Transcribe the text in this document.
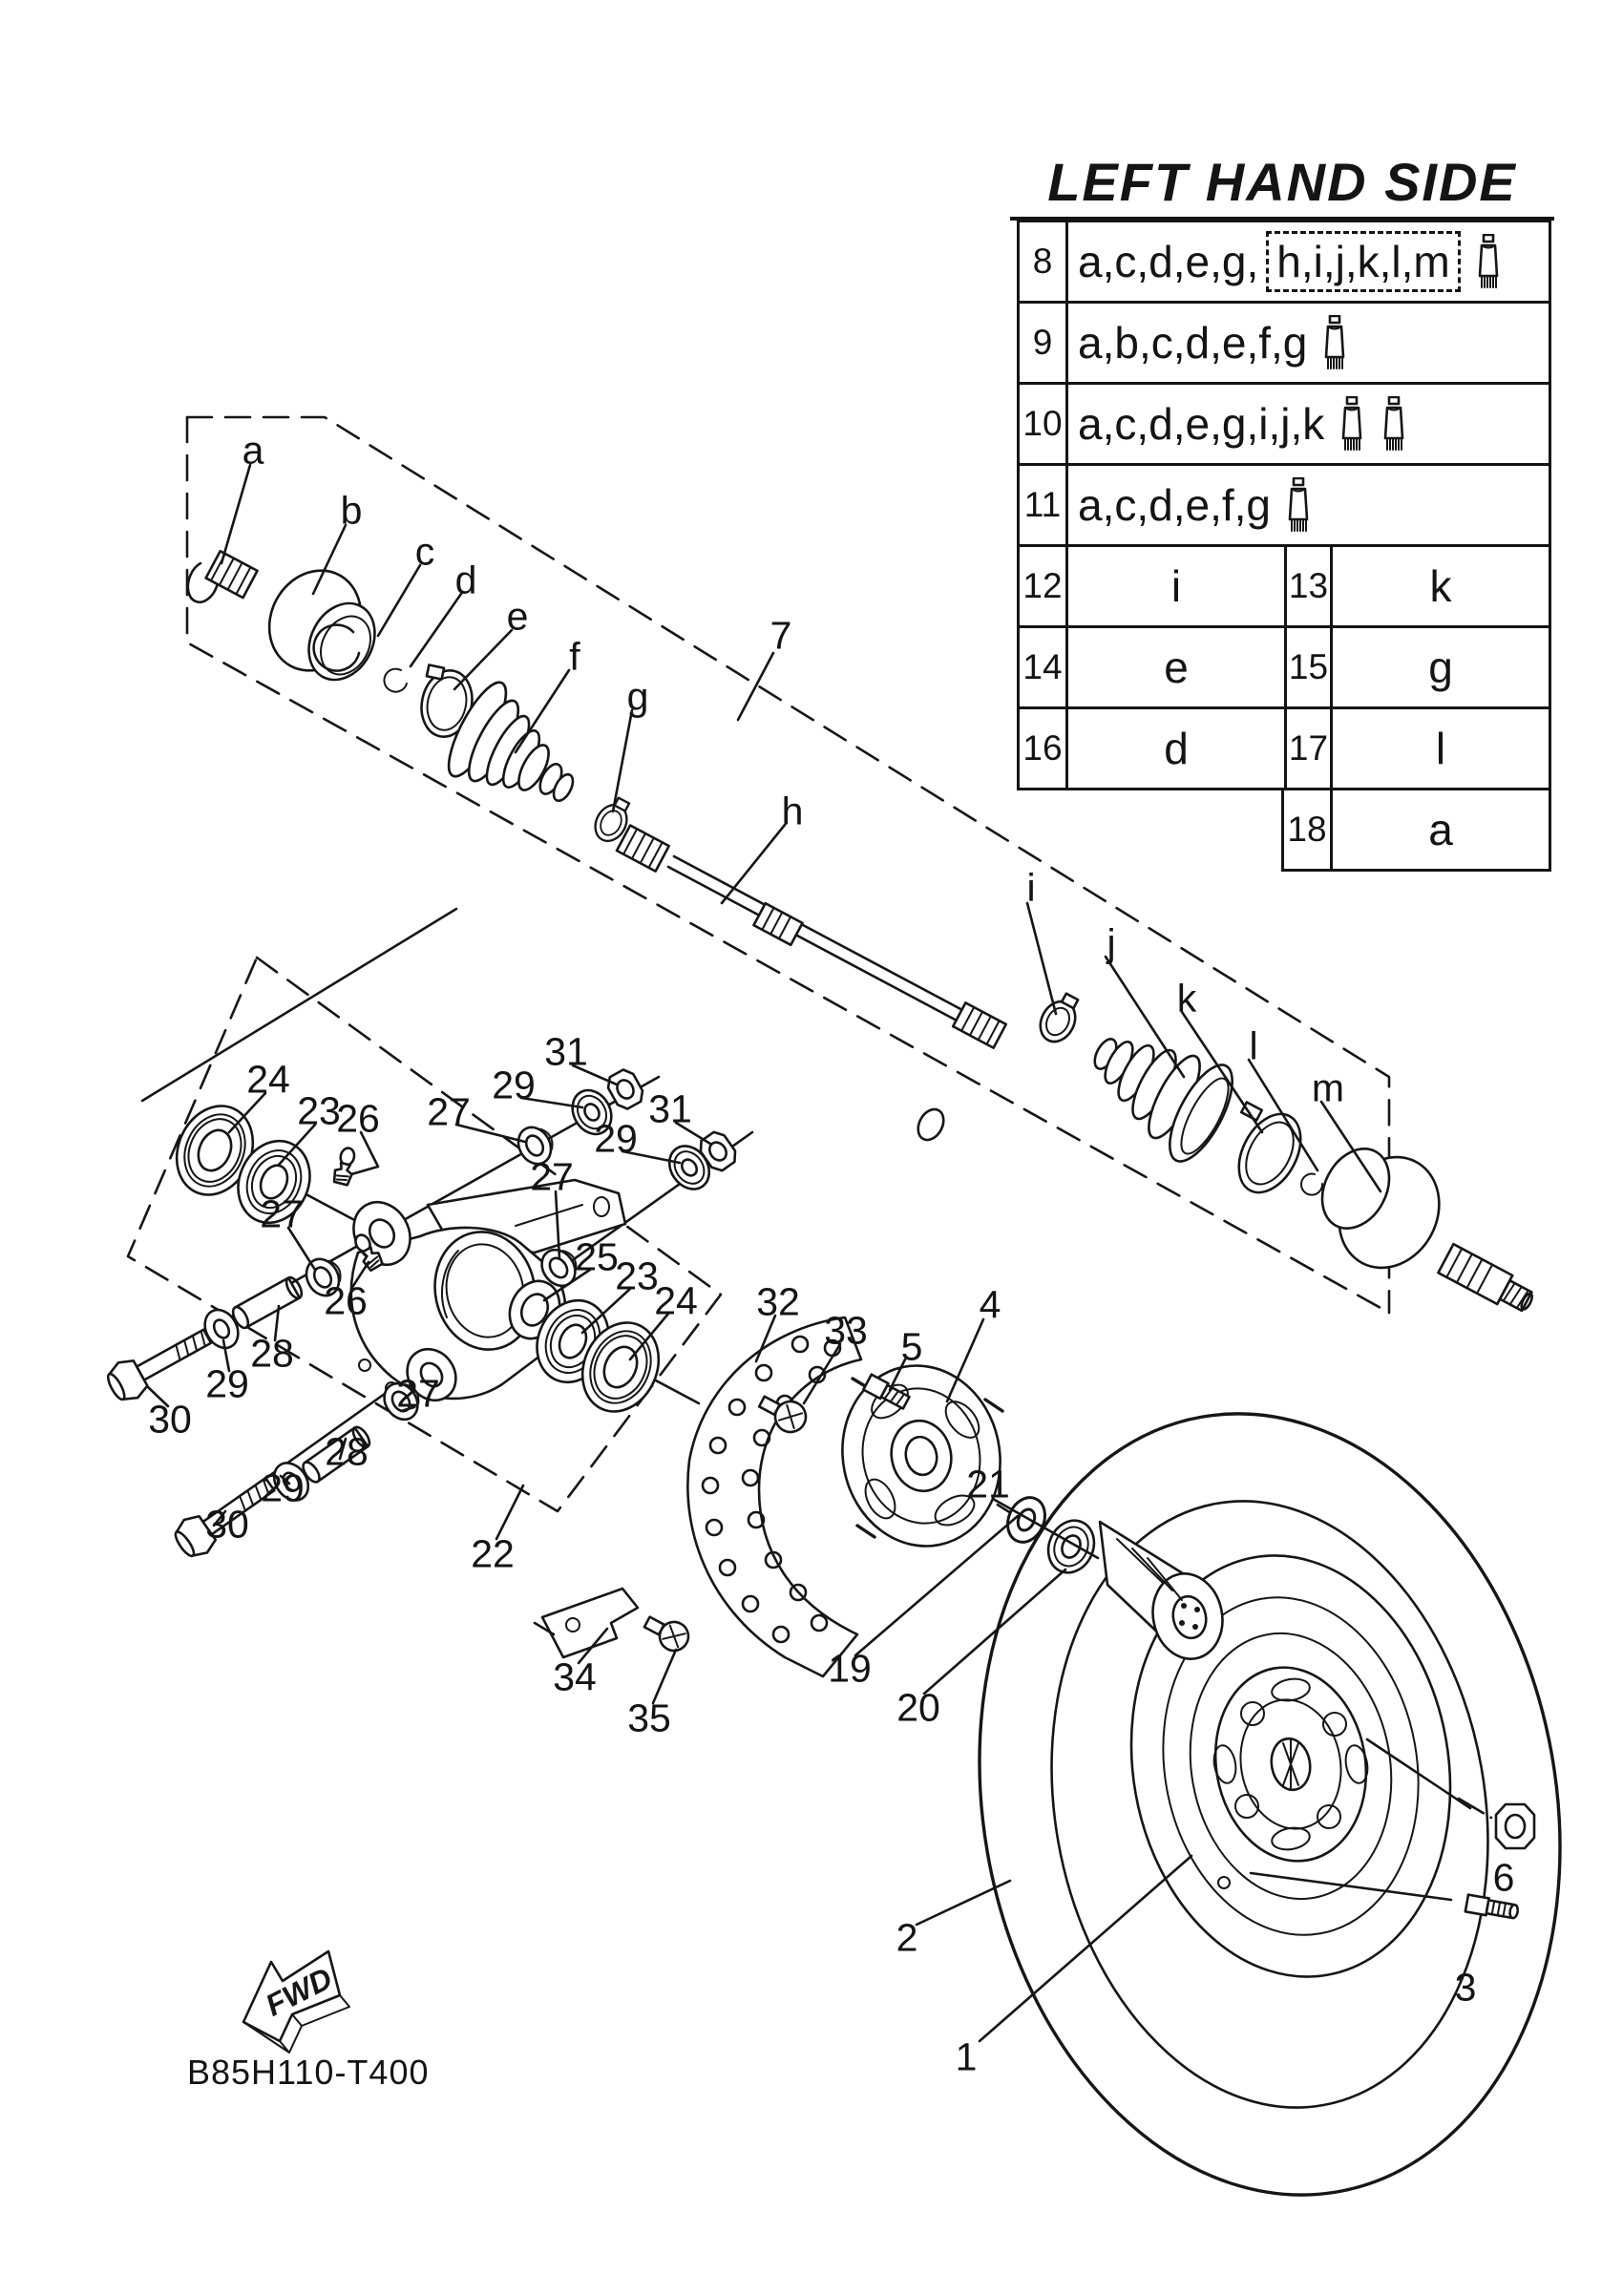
FWD
LEFT HAND SIDE
8 a,c,d,e,g, h,i,j,k,l,m
9 a,b,c,d,e,f,g
10 a,c,d,e,g,i,j,k
11 a,c,d,e,f,g
12	i	13	k
14	e	15	g
16	d	17	l
18	a
B85H110-T400
a
b
c
d
e
f
g
7
h
i
j
k
l
m
24
23
26 27
29
31
29
31
27
27
26
25
23
24
28
29
30
27
28
29
30
22
32
33 5
4
21
19
20
34
35
2
1
6
3
